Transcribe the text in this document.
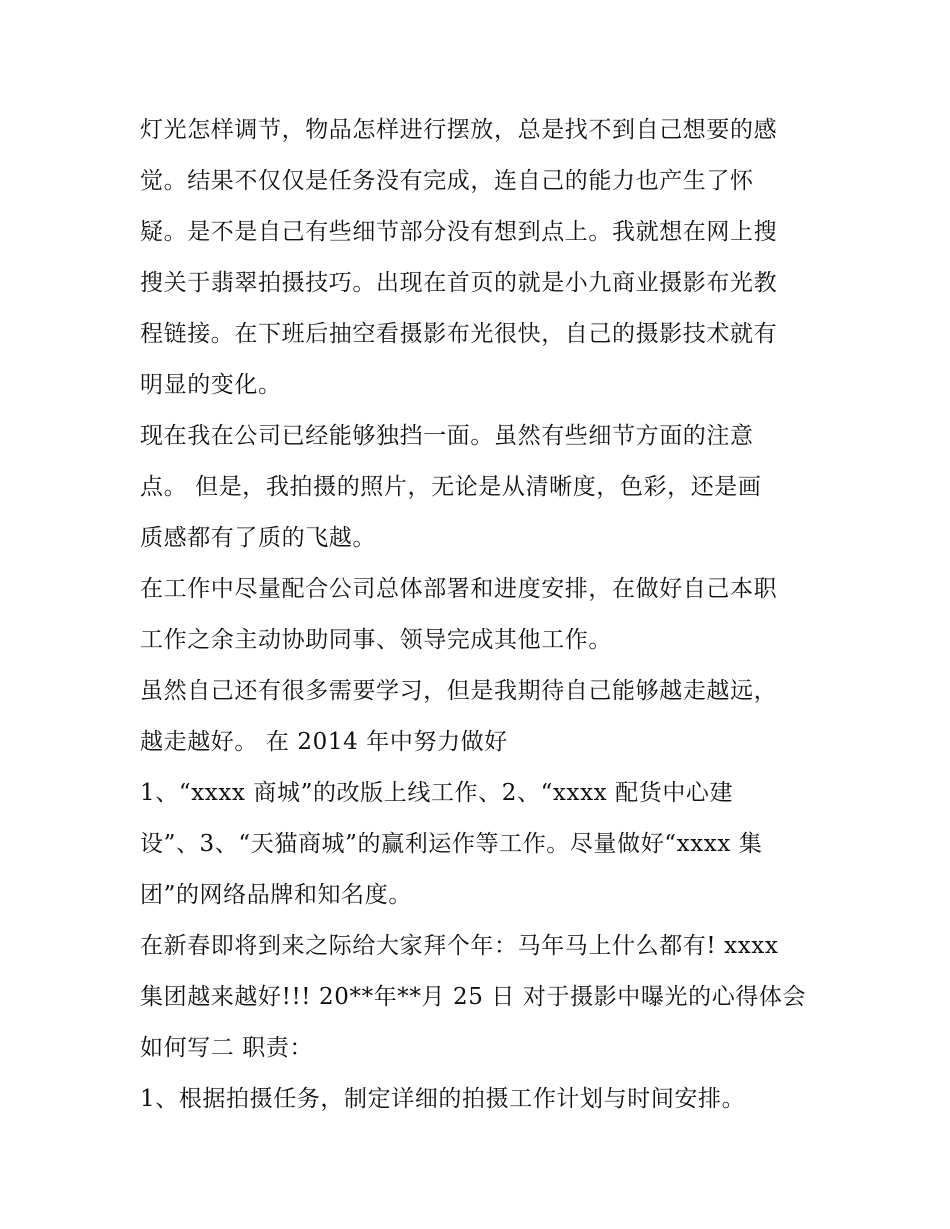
灯光怎样调节，物品怎样进行摆放，总是找不到自己想要的感
觉。结果不仅仅是任务没有完成，连自己的能力也产生了怀
疑。是不是自己有些细节部分没有想到点上。我就想在网上搜
搜关于翡翠拍摄技巧。出现在首页的就是小九商业摄影布光教
程链接。在下班后抽空看摄影布光很快，自己的摄影技术就有
明显的变化。
现在我在公司已经能够独挡一面。虽然有些细节方面的注意
点。 但是，我拍摄的照片，无论是从清晰度，色彩，还是画
质感都有了质的飞越。
在工作中尽量配合公司总体部署和进度安排，在做好自己本职
工作之余主动协助同事、领导完成其他工作。
虽然自己还有很多需要学习，但是我期待自己能够越走越远，
越走越好。 在 2014 年中努力做好
1、“xxxx 商城”的改版上线工作、2、“xxxx 配货中心建
设”、3、“天猫商城”的赢利运作等工作。尽量做好“xxxx 集
团”的网络品牌和知名度。
在新春即将到来之际给大家拜个年：马年马上什么都有! xxxx
集团越来越好!!! 20**年**月 25 日 对于摄影中曝光的心得体会
如何写二 职责：
1、根据拍摄任务，制定详细的拍摄工作计划与时间安排。
